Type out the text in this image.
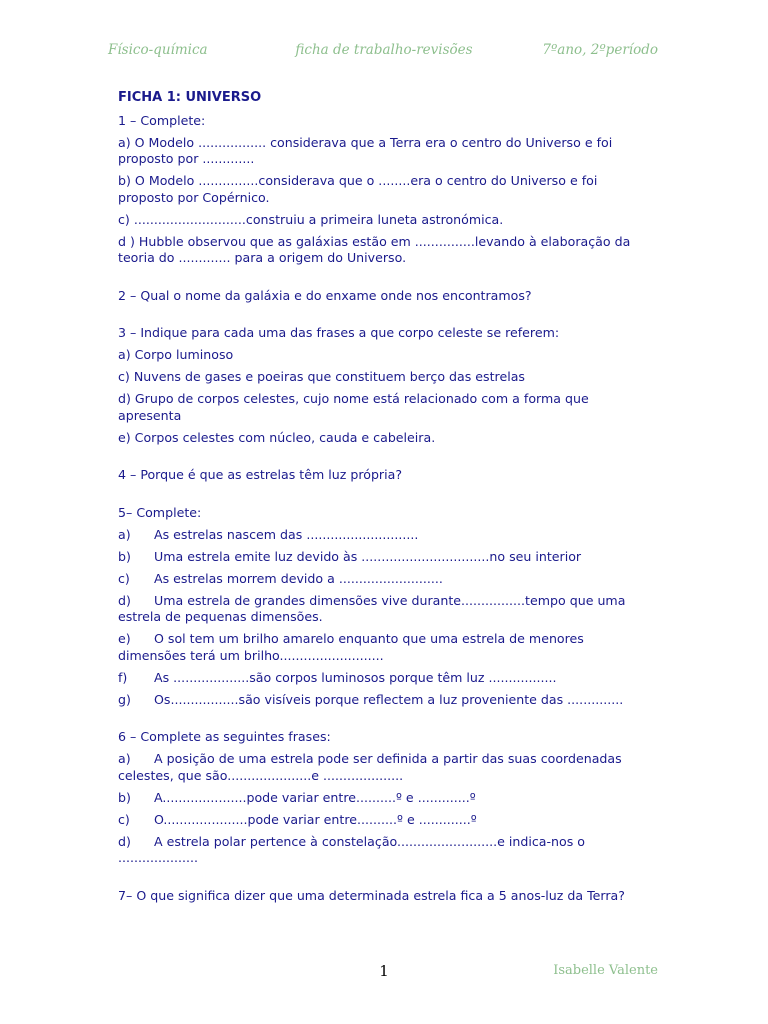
Físico-química	ficha de trabalho-revisões	7ºano, 2ºperíodo
FICHA 1: UNIVERSO
1 – Complete:
a) O Modelo ................. considerava que a Terra era o centro do Universo e foi proposto por .............
b) O Modelo ...............considerava que o ........era o centro do Universo e foi proposto por Copérnico.
c) ............................construiu a primeira luneta astronómica.
d ) Hubble observou que as galáxias estão em ...............levando à elaboração da teoria do ............. para a origem do Universo.
2 – Qual o nome da galáxia e do enxame onde nos encontramos?
3 – Indique para cada uma das frases a que corpo celeste se referem:
a) Corpo luminoso
c) Nuvens de gases e poeiras que constituem berço das estrelas
d) Grupo de corpos celestes, cujo nome está relacionado com a forma que apresenta
e) Corpos celestes com núcleo, cauda e cabeleira.
4 – Porque é que as estrelas têm luz própria?
5– Complete:
a) As estrelas nascem das ............................
b) Uma estrela emite luz devido às ................................no seu interior
c) As estrelas morrem devido a ..........................
d) Uma estrela de grandes dimensões vive durante................tempo que uma estrela de pequenas dimensões.
e) O sol tem um brilho amarelo enquanto que uma estrela de menores dimensões terá um brilho..........................
f) As ...................são corpos luminosos porque têm luz .................
g) Os.................são visíveis porque reflectem a luz proveniente das ..............
6 – Complete as seguintes frases:
a) A posição de uma estrela pode ser definida a partir das suas coordenadas celestes, que são.....................e ....................
b) A.....................pode variar entre..........º e .............º
c) O.....................pode variar entre..........º e .............º
d) A estrela polar pertence à constelação.........................e indica-nos o ....................
7– O que significa dizer que uma determinada estrela fica a 5 anos-luz da Terra?
1	Isabelle Valente
